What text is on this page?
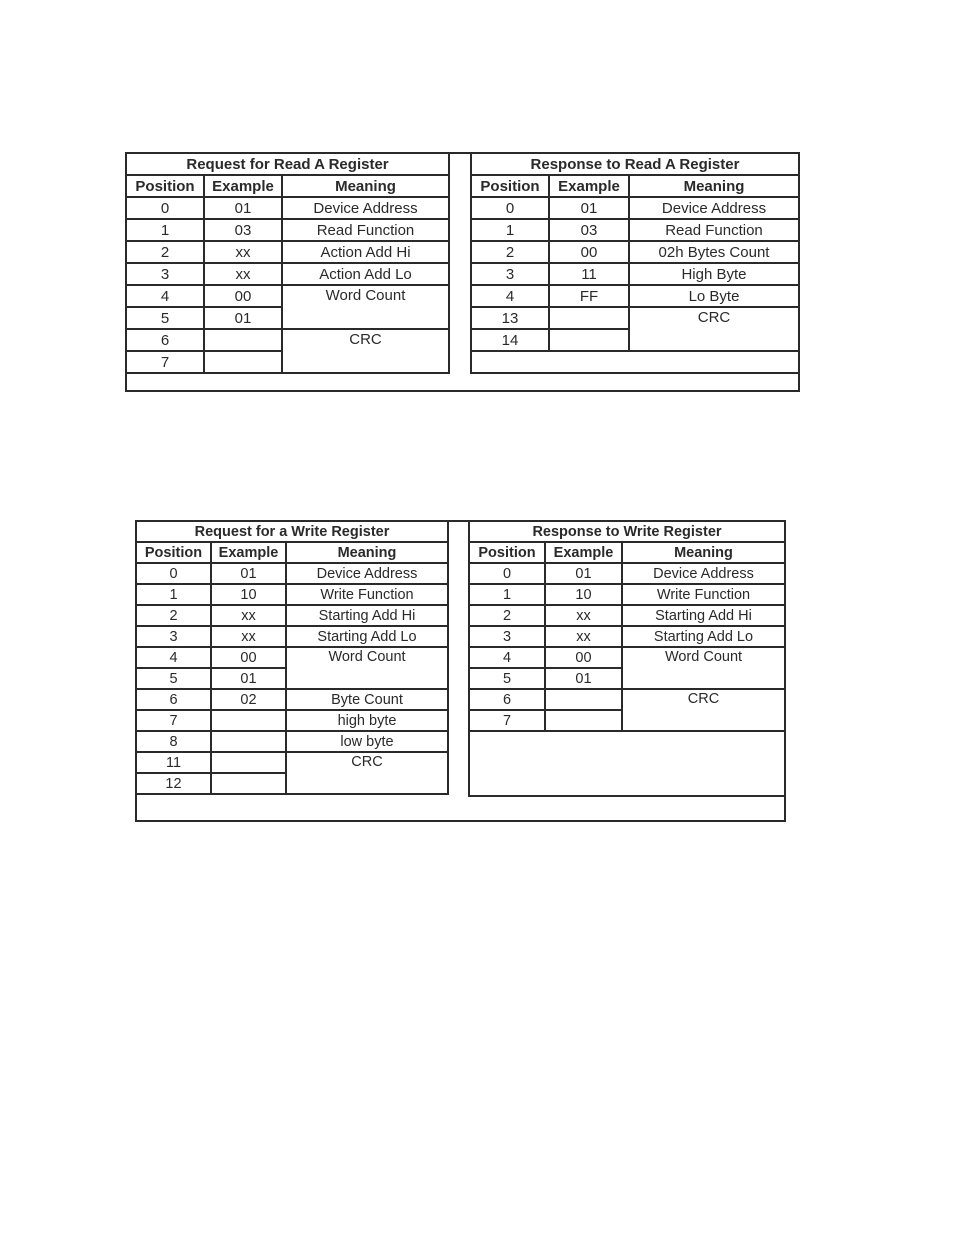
Request for Read A Register		
Position	Example	Meaning
0	01	Device Address
1	03	Read Function
2	xx	Action Add Hi
3	xx	Action Add Lo
4	00	Word Count
5	01	
6		CRC
7		
Response to Read A Register		
Position	Example	Meaning
0	01	Device Address
1	03	Read Function
2	00	02h Bytes Count
3	11	High Byte
4	FF	Lo Byte
13		CRC
14		

Request for a Write Register		
Position	Example	Meaning
0	01	Device Address
1	10	Write Function
2	xx	Starting Add Hi
3	xx	Starting Add Lo
4	00	Word Count
5	01	
6	02	Byte Count
7		high byte
8		low byte
11		CRC
12		
Response to Write Register		
Position	Example	Meaning
0	01	Device Address
1	10	Write Function
2	xx	Starting Add Hi
3	xx	Starting Add Lo
4	00	Word Count
5	01	
6		CRC
7		
